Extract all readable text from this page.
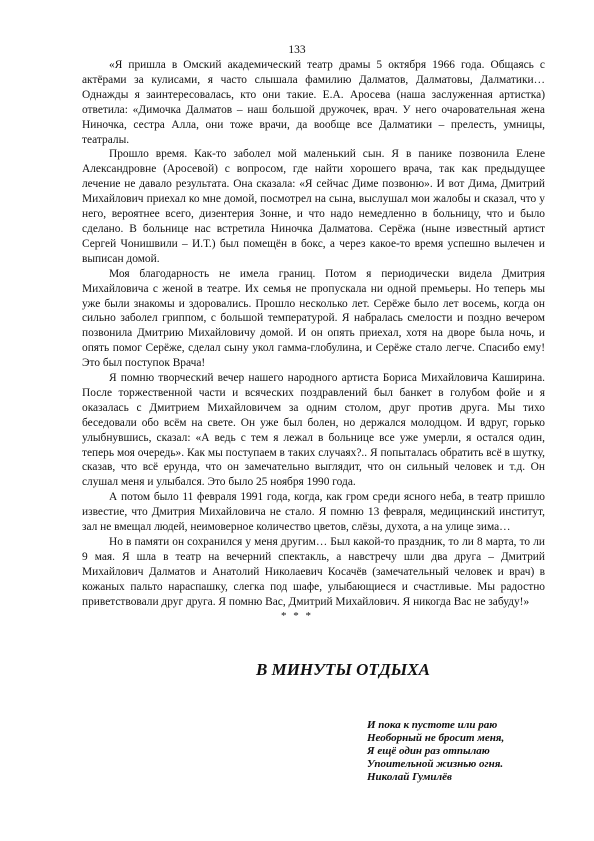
133

«Я пришла в Омский академический театр драмы 5 октября 1966 года. Общаясь с актёрами за кулисами, я часто слышала фамилию Далматов, Далматовы, Далматики… Однажды я заинтересовалась, кто они такие. Е.А. Аросева (наша заслуженная артистка) ответила: «Димочка Далматов – наш большой дружочек, врач. У него очаровательная жена Ниночка, сестра Алла, они тоже врачи, да вообще все Далматики – прелесть, умницы, театралы.

Прошло время. Как-то заболел мой маленький сын. Я в панике позвонила Елене Александровне (Аросевой) с вопросом, где найти хорошего врача, так как предыдущее лечение не давало результата. Она сказала: «Я сейчас Диме позвоню». И вот Дима, Дмитрий Михайлович приехал ко мне домой, посмотрел на сына, выслушал мои жалобы и сказал, что у него, вероятнее всего, дизентерия Зонне, и что надо немедленно в больницу, что и было сделано. В больнице нас встретила Ниночка Далматова. Серёжа (ныне известный артист Сергей Чонишвили – И.Т.) был помещён в бокс, а через какое-то время успешно вылечен и выписан домой.

Моя благодарность не имела границ. Потом я периодически видела Дмитрия Михайловича с женой в театре. Их семья не пропускала ни одной премьеры. Но теперь мы уже были знакомы и здоровались. Прошло несколько лет. Серёже было лет восемь, когда он сильно заболел гриппом, с большой температурой. Я набралась смелости и поздно вечером позвонила Дмитрию Михайловичу домой. И он опять приехал, хотя на дворе была ночь, и опять помог Серёже, сделал сыну укол гамма-глобулина, и Серёже стало легче. Спасибо ему! Это был поступок Врача!

Я помню творческий вечер нашего народного артиста Бориса Михайловича Каширина. После торжественной части и всяческих поздравлений был банкет в голубом фойе и я оказалась с Дмитрием Михайловичем за одним столом, друг против друга. Мы тихо беседовали обо всём на свете. Он уже был болен, но держался молодцом. И вдруг, горько улыбнувшись, сказал: «А ведь с тем я лежал в больнице все уже умерли, я остался один, теперь моя очередь». Как мы поступаем в таких случаях?.. Я попыталась обратить всё в шутку, сказав, что всё ерунда, что он замечательно выглядит, что он сильный человек и т.д. Он слушал меня и улыбался. Это было 25 ноября 1990 года.

А потом было 11 февраля 1991 года, когда, как гром среди ясного неба, в театр пришло известие, что Дмитрия Михайловича не стало. Я помню 13 февраля, медицинский институт, зал не вмещал людей, неимоверное количество цветов, слёзы, духота, а на улице зима…

Но в памяти он сохранился у меня другим… Был какой-то праздник, то ли 8 марта, то ли 9 мая. Я шла в театр на вечерний спектакль, а навстречу шли два друга – Дмитрий Михайлович Далматов и Анатолий Николаевич Косачёв (замечательный человек и врач) в кожаных пальто нараспашку, слегка под шафе, улыбающиеся и счастливые. Мы радостно приветствовали друг друга. Я помню Вас, Дмитрий Михайлович. Я никогда Вас не забуду!»

* * *
В МИНУТЫ ОТДЫХА
И пока к пустоте или раю
Необорный не бросит меня,
Я ещё один раз отпылаю
Упоительной жизнью огня.
Николай Гумилёв
